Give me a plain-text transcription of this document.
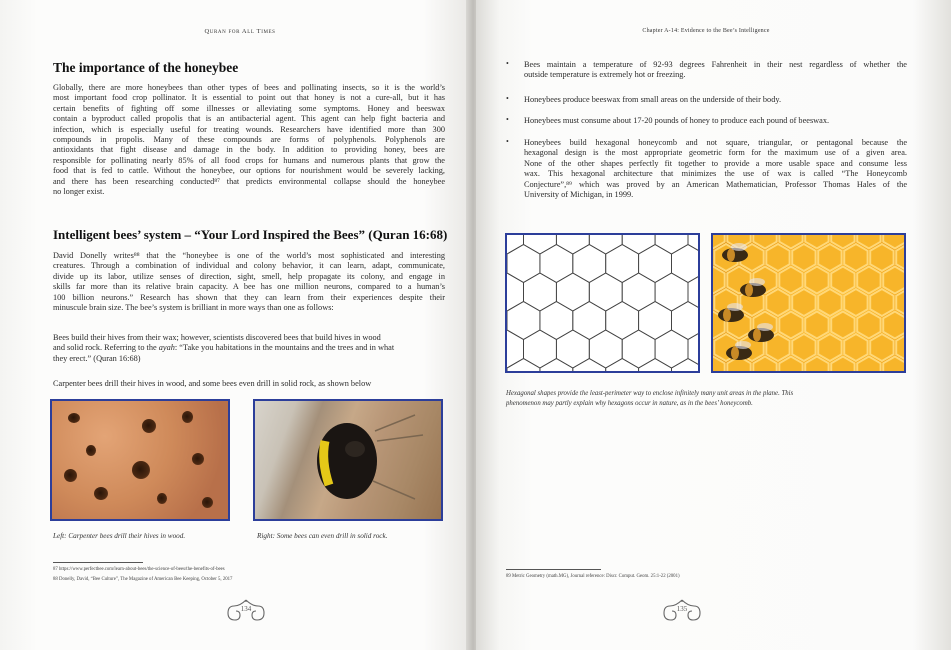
Quran for All Times
The importance of the honeybee
Globally, there are more honeybees than other types of bees and pollinating insects, so it is the world’s
most important food crop pollinator. It is essential to point out that honey is not a cure-all, but it has
certain benefits of fighting off some illnesses or alleviating some symptoms. Honey and beeswax
contain a byproduct called propolis that is an antibacterial agent. This agent can help fight bacteria and
infection, which is especially useful for treating wounds. Researchers have identified more than 300
compounds in propolis. Many of these compounds are forms of polyphenols. Polyphenols are
antioxidants that fight disease and damage in the body. In addition to providing honey, bees are
responsible for pollinating nearly 85% of all food crops for humans and numerous plants that grow the
food that is fed to cattle. Without the honeybee, our options for nourishment would be severely lacking,
and there has been researching conducted⁸⁷ that predicts environmental collapse should the honeybee
no longer exist.
Intelligent bees’ system – “Your Lord Inspired the Bees” (Quran 16:68)
David Donelly writes⁸⁸ that the “honeybee is one of the world’s most sophisticated and interesting
creatures. Through a combination of individual and colony behavior, it can learn, adapt, communicate,
divide up its labor, utilize senses of direction, sight, smell, help propagate its colony, and engage in
skills far more than its relative brain capacity. A bee has one million neurons, compared to a human’s
100 billion neurons.” Research has shown that they can learn from their experiences despite their
minuscule brain size. The bee’s system is brilliant in more ways than one as follows:
Bees build their hives from their wax; however, scientists discovered bees that build hives in wood
and solid rock. Referring to the ayah: “Take you habitations in the mountains and the trees and in what
they erect.” (Quran 16:68)
Carpenter bees drill their hives in wood, and some bees even drill in solid rock, as shown below
Left: Carpenter bees drill their hives in wood.	Right: Some bees can even drill in solid rock.
87 https://www.perfectbee.com/learn-about-bees/the-science-of-bees/the-benefits-of-bees
88 Donelly, David, “Bee Culture”, The Magazine of American Bee Keeping, October 5, 2017
134
Chapter A-14: Evidence to the Bee’s Intelligence
• Bees maintain a temperature of 92-93 degrees Fahrenheit in their nest regardless of whether the
outside temperature is extremely hot or freezing.
• Honeybees produce beeswax from small areas on the underside of their body.
• Honeybees must consume about 17-20 pounds of honey to produce each pound of beeswax.
• Honeybees build hexagonal honeycomb and not square, triangular, or pentagonal because the
hexagonal design is the most appropriate geometric form for the maximum use of a given area.
None of the other shapes perfectly fit together to provide a more usable space and consume less
wax. This hexagonal architecture that minimizes the use of wax is called “The Honeycomb
Conjecture”,⁸⁹ which was proved by an American Mathematician, Professor Thomas Hales of the
University of Michigan, in 1999.
Hexagonal shapes provide the least-perimeter way to enclose infinitely many unit areas in the plane. This
phenomenon may partly explain why hexagons occur in nature, as in the bees’ honeycomb.
89 Metric Geometry (math.MG), Journal reference: Discr. Comput. Geom. 25:1-22 (2001)
135
